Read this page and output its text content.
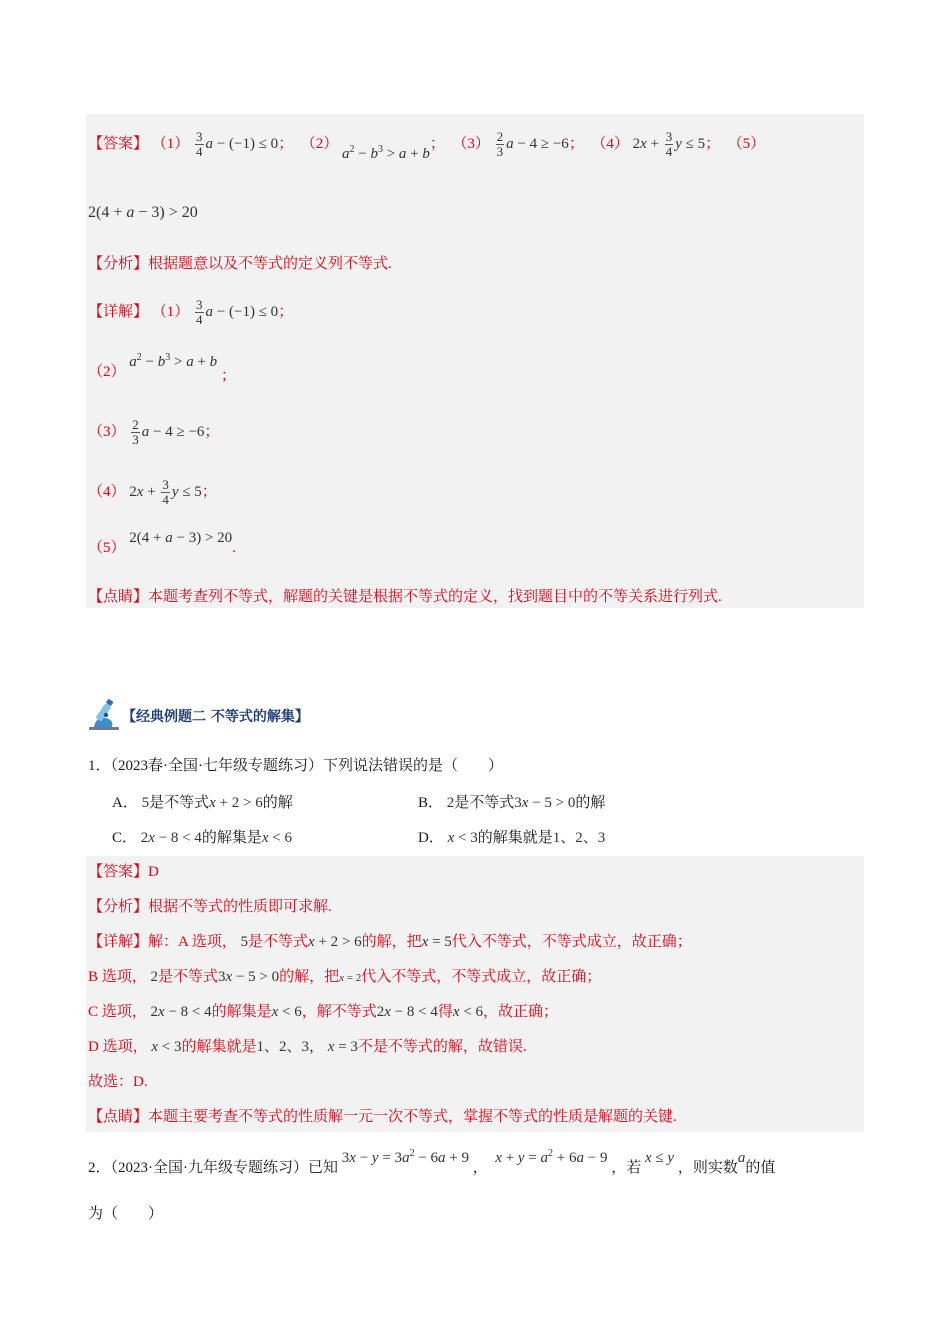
【答案】 $(1) \frac{3}{4}$ a − (−1) ≤ 0； （2） $a^2 - b^3 > a + b$； $(3) \frac{2}{3}$ a − 4 ≥ −6； （4） $2x + \frac{3}{4}$ y ≤ 5； （5）
2(4 + a − 3) > 20
【分析】根据题意以及不等式的定义列不等式.
【详解】 $(1) \frac{3}{4}$ a − (−1) ≤ 0；
（2） $a^2 - b^3 > a + b$ ；
$(3) \frac{2}{3}$ a − 4 ≥ −6；
（4） $2x + \frac{3}{4}$ y ≤ 5；
（5） 2(4 + a − 3) > 20.
【点睛】本题考查列不等式，解题的关键是根据不等式的定义，找到题目中的不等关系进行列式.
【经典例题二 不等式的解集】
1．（2023春·全国·七年级专题练习）下列说法错误的是（　　）
A． 5是不等式x + 2 > 6的解	B． 2是不等式3x − 5 > 0的解
C． 2x − 8 < 4的解集是x < 6	D． x < 3的解集就是1、2、3
【答案】D
【分析】根据不等式的性质即可求解.
【详解】解：A 选项， 5是不等式x + 2 > 6的解，把x = 5代入不等式，不等式成立，故正确；
B 选项， 2是不等式3x − 5 > 0的解，把x = 2代入不等式，不等式成立，故正确；
C 选项， 2x − 8 < 4的解集是x < 6，解不等式2x − 8 < 4得x < 6，故正确；
D 选项， x < 3的解集就是1、2、3， x = 3不是不等式的解，故错误.
故选：D.
【点睛】本题主要考查不等式的性质解一元一次不等式，掌握不等式的性质是解题的关键.
2．（2023·全国·九年级专题练习）已知 $3x - y = 3a^2 - 6a + 9$ ，  $x + y = a^2 + 6a - 9$ ，若 x ≤ y ，则实数a的值
为（　　）
